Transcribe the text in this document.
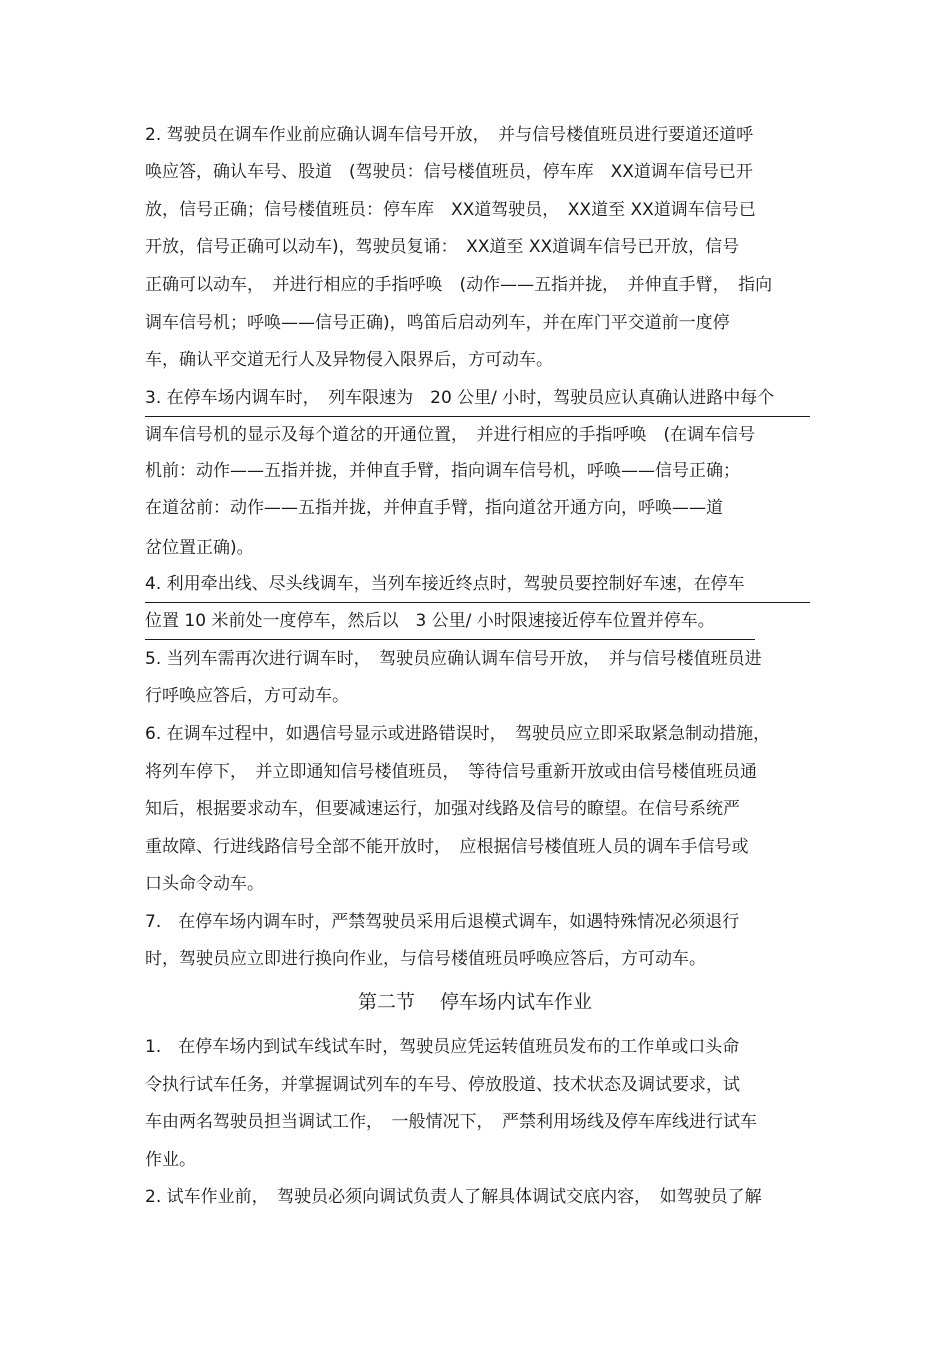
2. 驾驶员在调车作业前应确认调车信号开放，　并与信号楼值班员进行要道还道呼
唤应答，确认车号、股道　(驾驶员：信号楼值班员，停车库　XX道调车信号已开
放，信号正确；信号楼值班员：停车库　XX道驾驶员，　XX道至 XX道调车信号已
开放，信号正确可以动车)，驾驶员复诵：　XX道至 XX道调车信号已开放，信号
正确可以动车，　并进行相应的手指呼唤　(动作——五指并拢，　并伸直手臂，　指向
调车信号机；呼唤——信号正确)，鸣笛后启动列车，并在库门平交道前一度停
车，确认平交道无行人及异物侵入限界后，方可动车。
3. 在停车场内调车时，　列车限速为　20 公里/ 小时，驾驶员应认真确认进路中每个
调车信号机的显示及每个道岔的开通位置，　并进行相应的手指呼唤　(在调车信号
机前：动作——五指并拢，并伸直手臂，指向调车信号机，呼唤——信号正确；
在道岔前：动作——五指并拢，并伸直手臂，指向道岔开通方向，呼唤——道
岔位置正确)。
4. 利用牵出线、尽头线调车，当列车接近终点时，驾驶员要控制好车速，在停车
位置 10 米前处一度停车，然后以　3 公里/ 小时限速接近停车位置并停车。
5. 当列车需再次进行调车时，　驾驶员应确认调车信号开放，　并与信号楼值班员进
行呼唤应答后，方可动车。
6. 在调车过程中，如遇信号显示或进路错误时，　驾驶员应立即采取紧急制动措施，
将列车停下，　并立即通知信号楼值班员，　等待信号重新开放或由信号楼值班员通
知后，根据要求动车，但要减速运行，加强对线路及信号的瞭望。在信号系统严
重故障、行进线路信号全部不能开放时，　应根据信号楼值班人员的调车手信号或
口头命令动车。
7.　在停车场内调车时，严禁驾驶员采用后退模式调车，如遇特殊情况必须退行
时，驾驶员应立即进行换向作业，与信号楼值班员呼唤应答后，方可动车。
第二节　 停车场内试车作业
1.　在停车场内到试车线试车时，驾驶员应凭运转值班员发布的工作单或口头命
令执行试车任务，并掌握调试列车的车号、停放股道、技术状态及调试要求，试
车由两名驾驶员担当调试工作，　一般情况下，　严禁利用场线及停车库线进行试车
作业。
2. 试车作业前，　驾驶员必须向调试负责人了解具体调试交底内容，　如驾驶员了解
